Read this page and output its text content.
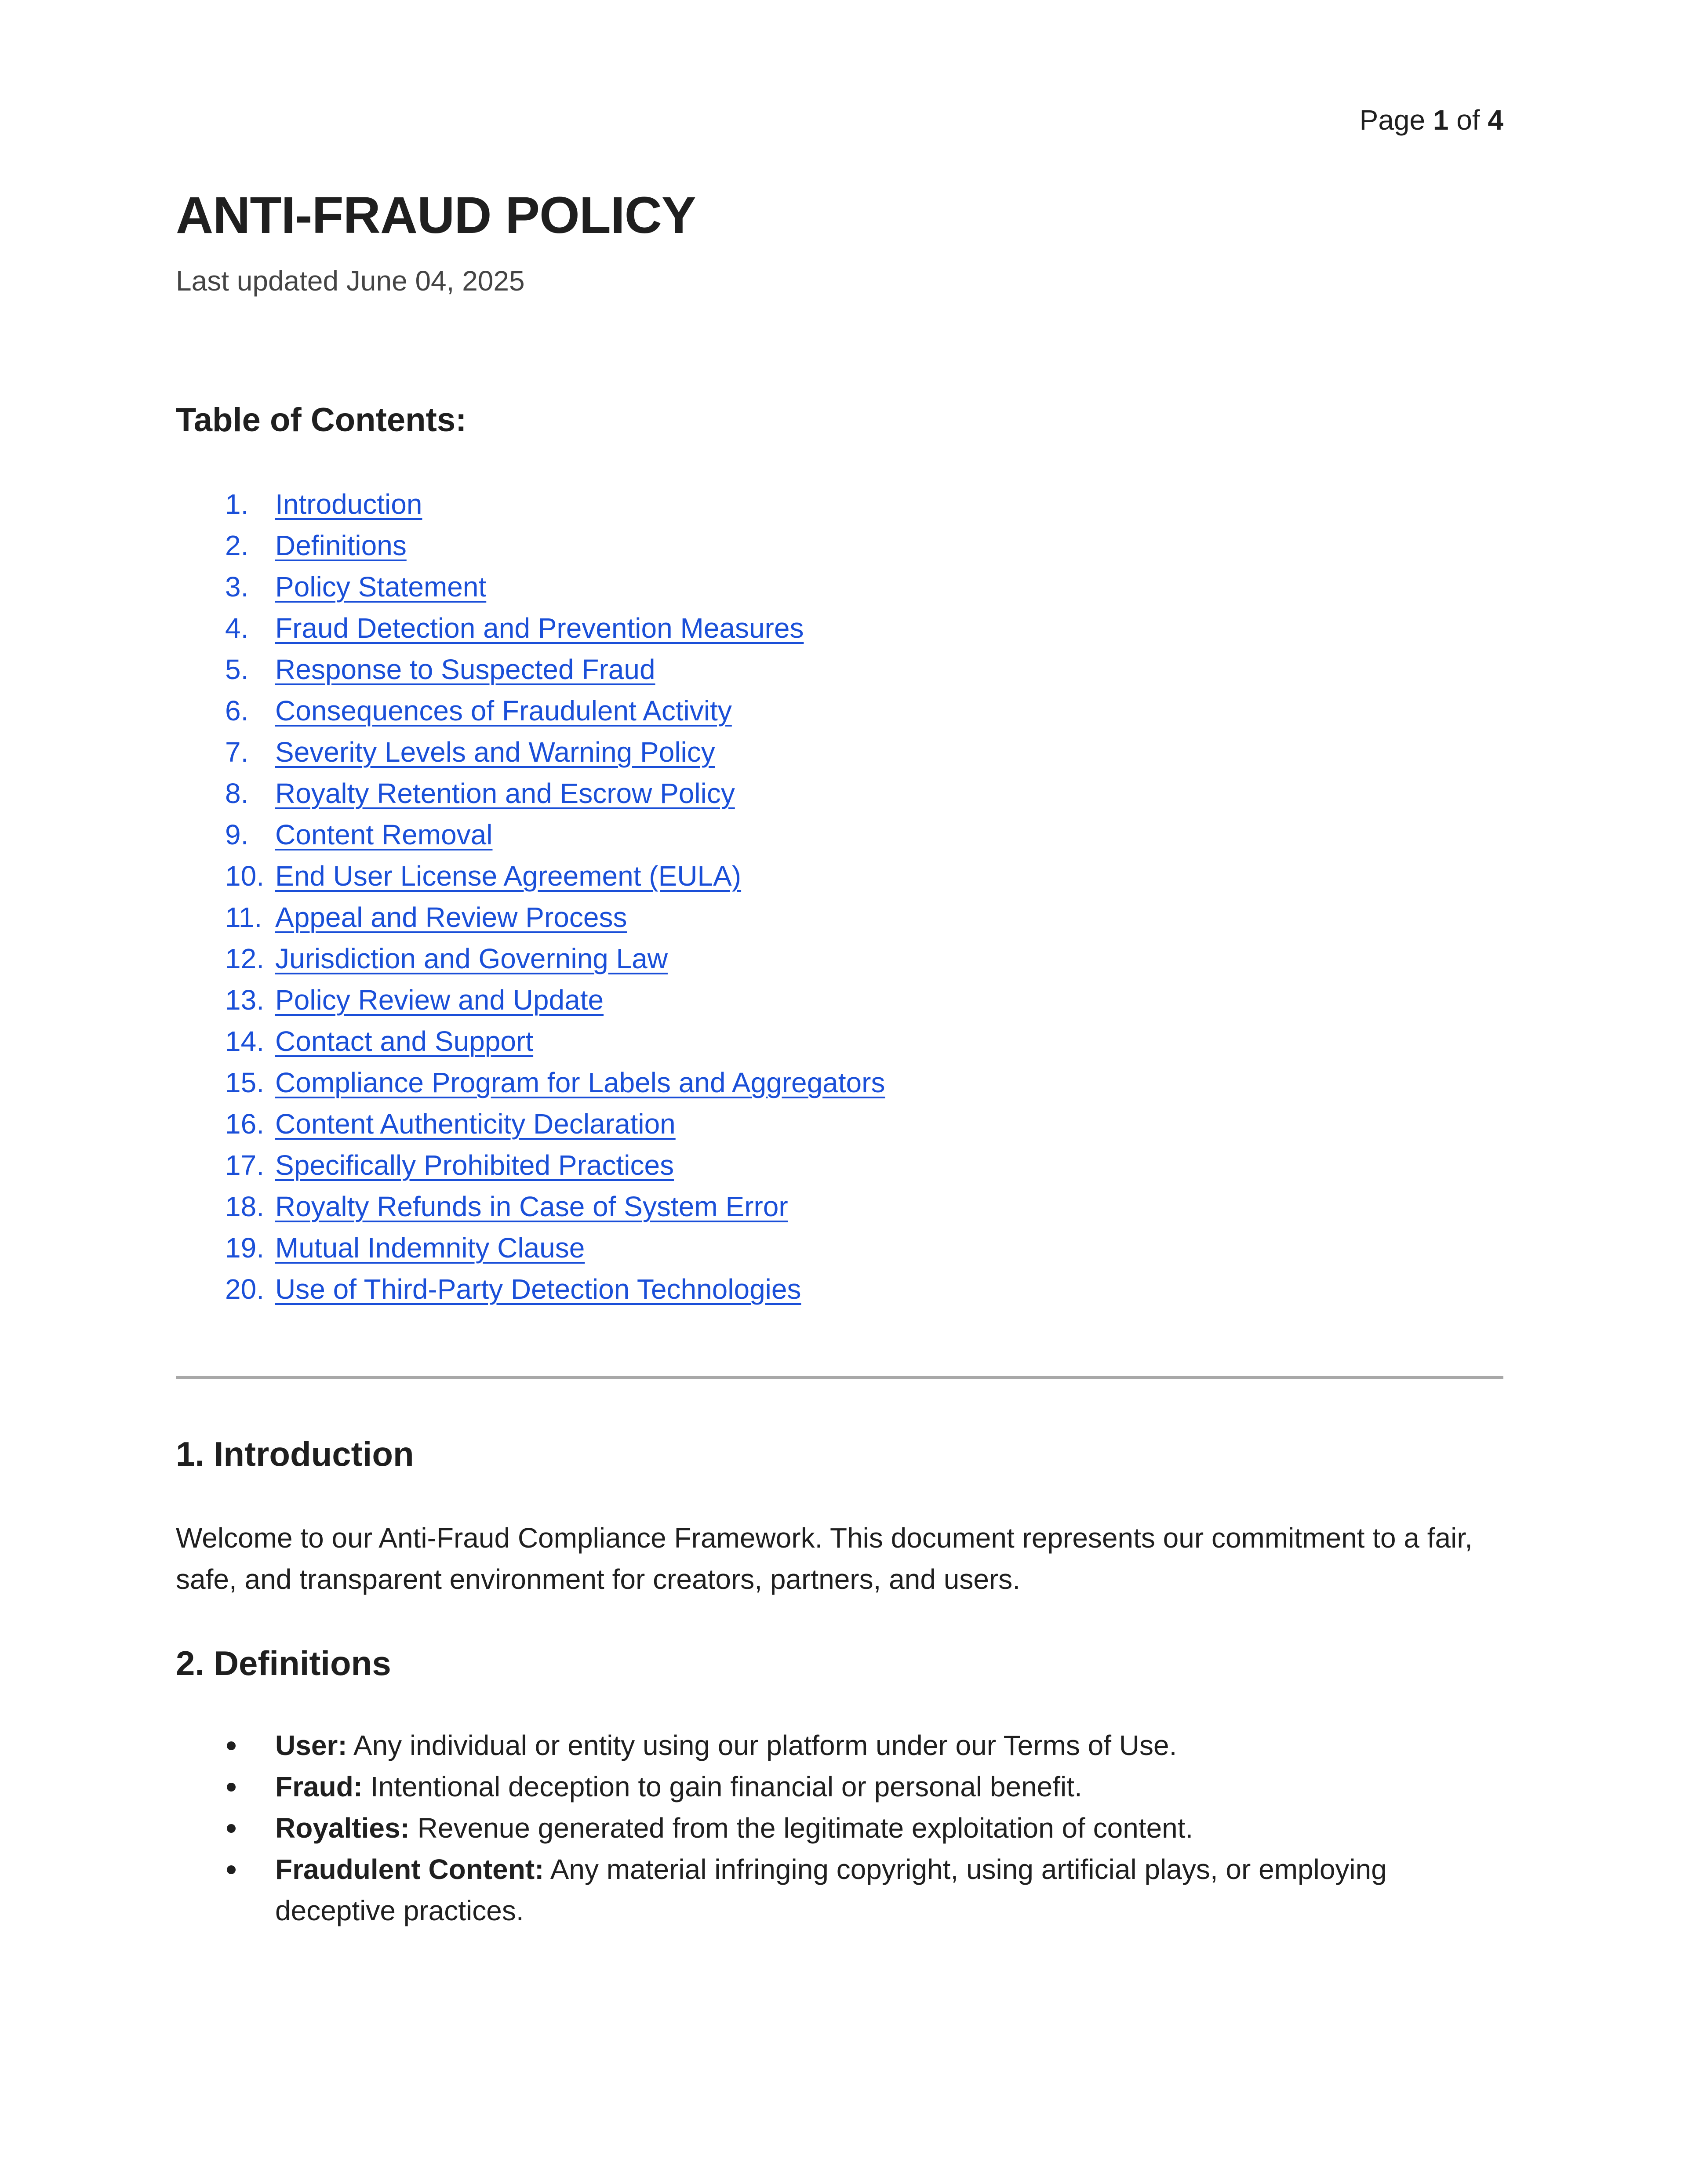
Page 1 of 4
ANTI-FRAUD POLICY
Last updated June 04, 2025
Table of Contents:
1. Introduction
2. Definitions
3. Policy Statement
4. Fraud Detection and Prevention Measures
5. Response to Suspected Fraud
6. Consequences of Fraudulent Activity
7. Severity Levels and Warning Policy
8. Royalty Retention and Escrow Policy
9. Content Removal
10. End User License Agreement (EULA)
11. Appeal and Review Process
12. Jurisdiction and Governing Law
13. Policy Review and Update
14. Contact and Support
15. Compliance Program for Labels and Aggregators
16. Content Authenticity Declaration
17. Specifically Prohibited Practices
18. Royalty Refunds in Case of System Error
19. Mutual Indemnity Clause
20. Use of Third-Party Detection Technologies
1. Introduction

Welcome to our Anti-Fraud Compliance Framework. This document represents our commitment to a fair, safe, and transparent environment for creators, partners, and users.

2. Definitions
User: Any individual or entity using our platform under our Terms of Use.
Fraud: Intentional deception to gain financial or personal benefit.
Royalties: Revenue generated from the legitimate exploitation of content.
Fraudulent Content: Any material infringing copyright, using artificial plays, or employing deceptive practices.
